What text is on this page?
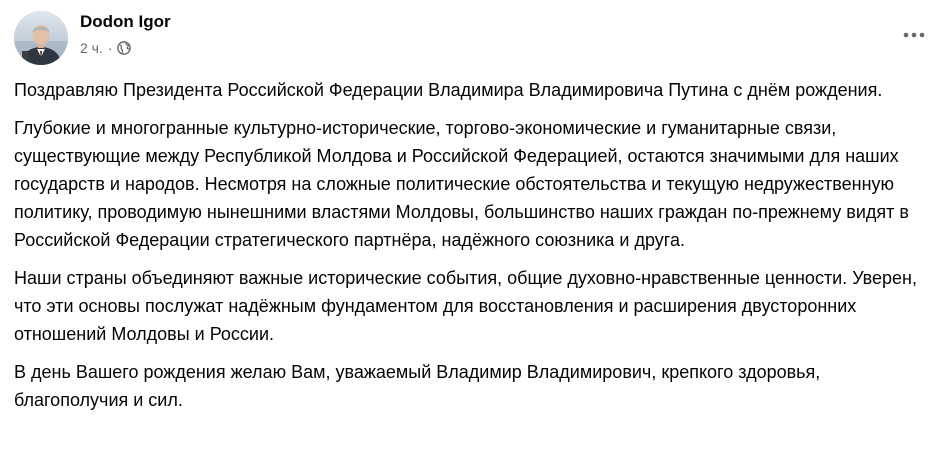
Dodon Igor
2 ч. ·

Поздравляю Президента Российской Федерации Владимира Владимировича Путина с днём рождения.

Глубокие и многогранные культурно-исторические, торгово-экономические и гуманитарные связи, существующие между Республикой Молдова и Российской Федерацией, остаются значимыми для наших государств и народов. Несмотря на сложные политические обстоятельства и текущую недружественную политику, проводимую нынешними властями Молдовы, большинство наших граждан по-прежнему видят в Российской Федерации стратегического партнёра, надёжного союзника и друга.

Наши страны объединяют важные исторические события, общие духовно-нравственные ценности. Уверен, что эти основы послужат надёжным фундаментом для восстановления и расширения двусторонних отношений Молдовы и России.

В день Вашего рождения желаю Вам, уважаемый Владимир Владимирович, крепкого здоровья, благополучия и сил.
